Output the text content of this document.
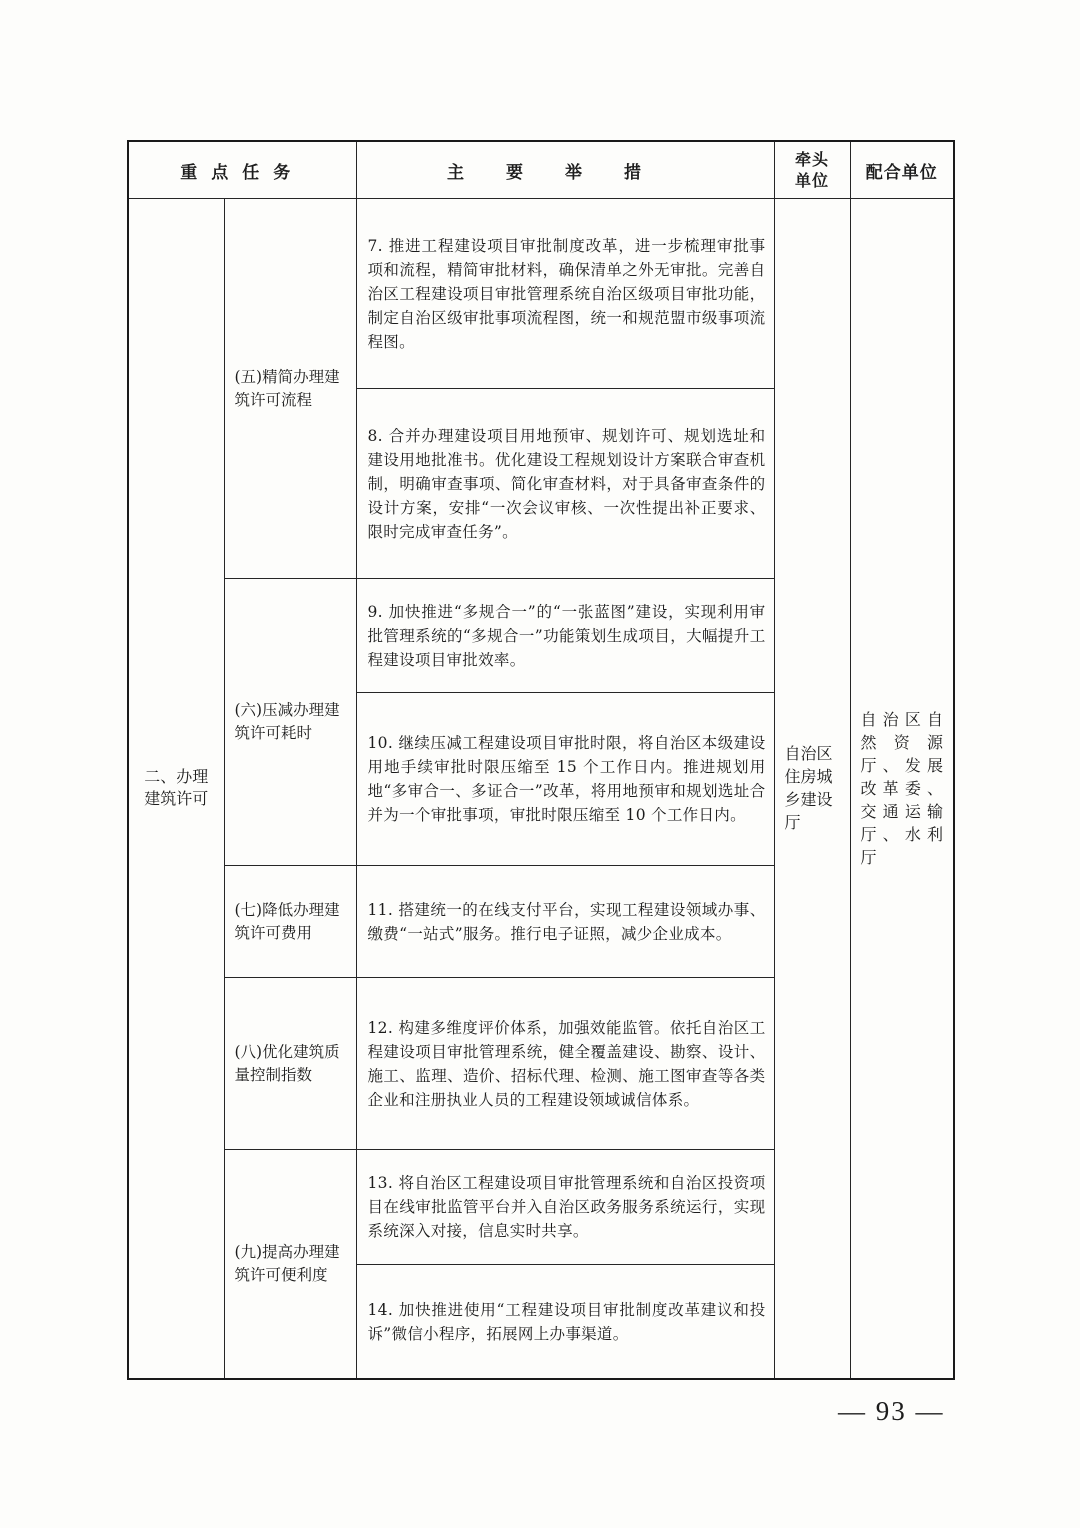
重点任务		主要举措	牵头单位	配合单位

二、办理建筑许可	(五)精简办理建筑许可流程	7. 推进工程建设项目审批制度改革，进一步梳理审批事项和流程，精简审批材料，确保清单之外无审批。完善自治区工程建设项目审批管理系统自治区级项目审批功能，制定自治区级审批事项流程图，统一和规范盟市级事项流程图。	自治区住房城乡建设厅	自治区自然资源厅、发展改革委、交通运输厅、水利厅
		8. 合并办理建设项目用地预审、规划许可、规划选址和建设用地批准书。优化建设工程规划设计方案联合审查机制，明确审查事项、简化审查材料，对于具备审查条件的设计方案，安排“一次会议审核、一次性提出补正要求、限时完成审查任务”。		
	(六)压减办理建筑许可耗时	9. 加快推进“多规合一”的“一张蓝图”建设，实现利用审批管理系统的“多规合一”功能策划生成项目，大幅提升工程建设项目审批效率。		
		10. 继续压减工程建设项目审批时限，将自治区本级建设用地手续审批时限压缩至 15 个工作日内。推进规划用地“多审合一、多证合一”改革，将用地预审和规划选址合并为一个审批事项，审批时限压缩至 10 个工作日内。		
	(七)降低办理建筑许可费用	11. 搭建统一的在线支付平台，实现工程建设领域办事、缴费“一站式”服务。推行电子证照，减少企业成本。		
	(八)优化建筑质量控制指数	12. 构建多维度评价体系，加强效能监管。依托自治区工程建设项目审批管理系统，健全覆盖建设、勘察、设计、施工、监理、造价、招标代理、检测、施工图审查等各类企业和注册执业人员的工程建设领域诚信体系。		
	(九)提高办理建筑许可便利度	13. 将自治区工程建设项目审批管理系统和自治区投资项目在线审批监管平台并入自治区政务服务系统运行，实现系统深入对接，信息实时共享。		
		14. 加快推进使用“工程建设项目审批制度改革建议和投诉”微信小程序，拓展网上办事渠道。		

— 93 —
